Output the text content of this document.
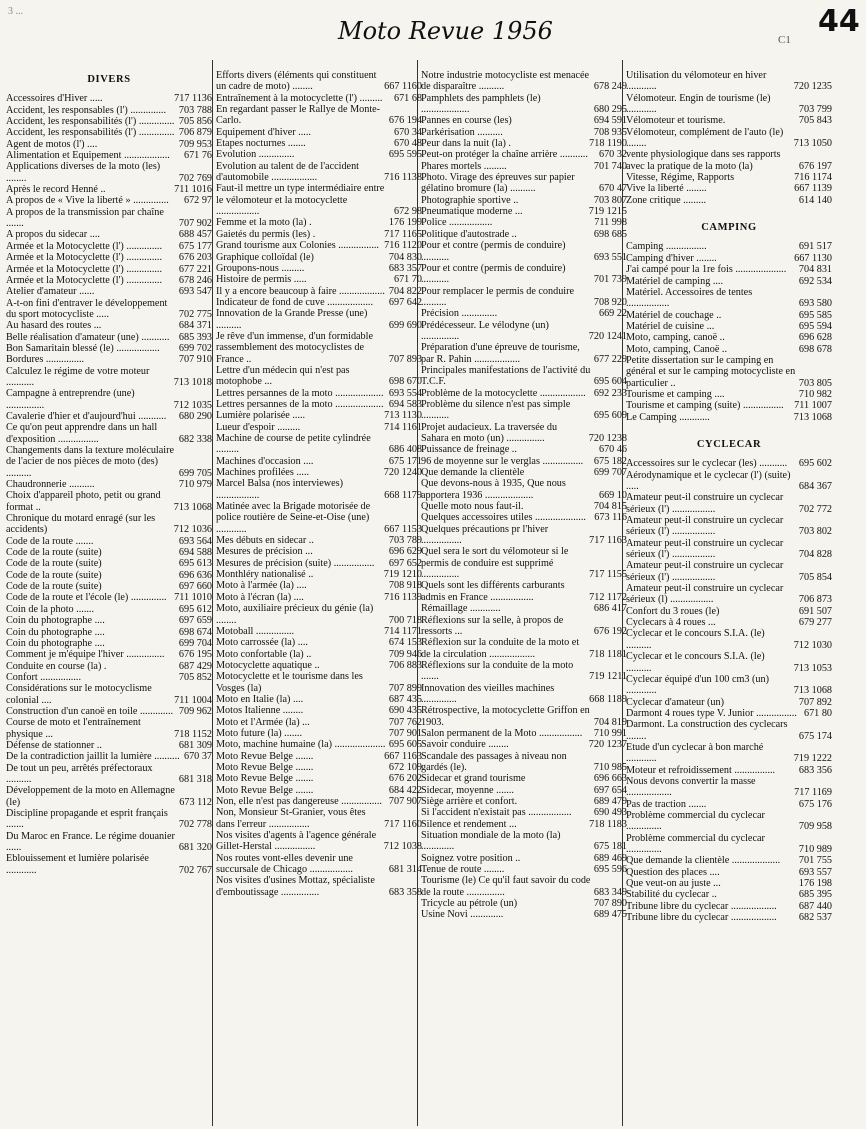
3 ...
Moto Revue 1956	C1
44
DIVERS
Accessoires d'Hiver .....	717 1136
Accident, les responsables (l') ..............	703 788
Accident, les responsabilités (l') .............. 705 856
Accident, les responsabilités (l') .............. 706 879
Agent de motos (l') ....	709 953
Alimentation et Equipement ..................	671 76
Applications diverses de la moto (les) ........	702 769
Après le record Henné ..	711 1016
A propos de « Vive la liberté » ..............	672 97
A propos de la transmission par chaîne .......	707 902
A propos du sidecar ....	688 457
Armée et la Motocyclette (l') ..............	675 177
Armée et la Motocyclette (l') ..............	676 203
Armée et la Motocyclette (l') ..............	677 221
Armée et la Motocyclette (l') ..............	678 246
Atelier d'amateur ......	693 547
A-t-on fini d'entraver le développement du sport motocycliste .....	702 775
Au hasard des routes ...	684 371
Belle réalisation d'amateur (une) ........... 685 393
Bon Samaritain blessé (le) .................	699 702
Bordures ...............	707 910
Calculez le régime de votre moteur ...........	713 1018
Campagne à entreprendre (une) ...............	712 1035
Cavalerie d'hier et d'aujourd'hui ...........	680 290
Ce qu'on peut apprendre dans un hall d'exposition ................	682 338
Changements dans la texture moléculaire de l'acier de nos pièces de moto (des) ..........	699 705
Chaudronnerie ..........	710 979
Choix d'appareil photo, petit ou grand format ..	713 1068
Chronique du motard enragé (sur les accidents)	712 1036
Code de la route .......	693 564
Code de la route (suite)	694 588
Code de la route (suite)	695 613
Code de la route (suite)	696 636
Code de la route (suite)	697 660
Code de la route et l'école (le) .............. 711 1010
Coin de la photo .......	695 612
Coin du photographe ....	697 659
Coin du photographe ....	698 674
Coin du photographe ....	699 704
Comment je m'équipe l'hiver ...............	676 195
Conduite en course (la) .	687 429
Confort ................	705 852
Considérations sur le motocyclisme colonial ....	711 1004
Construction d'un canoë en toile ............. 709 962
Course de moto et l'entraînement physique ...	718 1152
Défense de stationner ..	681 309
De la contradiction jaillit la lumière .......... 670 37
De tout un peu, arrêtés préfectoraux ..........	681 318
Développement de la moto en Allemagne (le)	673 112
Discipline propagande et esprit français .......	702 778
Du Maroc en France. Le régime douanier ......	681 320
Eblouissement et lumière polarisée ............	702 767
Efforts divers (éléments qui constituent un cadre de moto) ........	667 1160
Entraînement à la motocyclette (l') .........	671 68
En regardant passer le Rallye de Monte-Carlo.	676 194
Equipement d'hiver .....	670 34
Etapes nocturnes .......	670 48
Evolution ..............	695 595
Evolution au talent de de l'accident d'automobile ..................	716 1138
Faut-il mettre un type intermédiaire entre le vélomoteur et la motocyclette .................	672 98
Femme et la moto (la) .	176 199
Gaietés du permis (les) .	717 1165
Grand tourisme aux Colonies ................ 716 1120
Graphique colloïdal (le)	704 830
Groupons-nous .........	683 357
Histoire de permis .....	671 70
Il y a encore beaucoup à faire .................. 704 822
Indicateur de fond de cuve ..................	697 642
Innovation de la Grande Presse (une) ..........	699 690
Je rêve d'un immense, d'un formidable rassemblement des motocyclistes de France ..	707 893
Lettre d'un médecin qui n'est pas motophobe ...	698 670
Lettres persannes de la moto ................... 693 554
Lettres persannes de la moto ................... 694 583
Lumière polarisée .....	713 1130
Lueur d'espoir .........	714 1161
Machine de course de petite cylindrée .........	686 408
Machines d'occasion ....	675 171
Machines profilées .....	720 1240
Marcel Balsa (nos interviewes) .................	668 1179
Matinée avec la Brigade motorisée de police routière de Seine-et-Oise (une) ............	667 1153
Mes débuts en sidecar ..	703 789
Mesures de précision ...	696 629
Mesures de précision (suite) ................	697 652
Monthléry nationalisé ..	719 1210
Moto à l'armée (la) ....	708 918
Moto à l'écran (la) ....	716 1139
Moto, auxiliaire précieux du génie (la) ........	700 718
Motoball ...............	714 1171
Moto carrossée (la) ....	674 153
Moto confortable (la) ..	709 946
Motocyclette aquatique ..	706 883
Motocyclette et le tourisme dans les Vosges (la)	707 899
Moto en Italie (la) ....	687 435
Motos Italienne ........	690 435
Moto et l'Armée (la) ...	707 762
Moto future (la) .......	707 901
Moto, machine humaine (la) .................... 695 605
Moto Revue Belge .......	667 1163
Moto Revue Belge .......	672 109
Moto Revue Belge .......	676 202
Moto Revue Belge .......	684 422
Non, elle n'est pas dangereuse ................ 707 907
Non, Monsieur St-Granier, vous êtes dans l'erreur ................	717 1160
Nos visites d'agents à l'agence générale Gillet-Herstal ................	712 1038
Nos routes vont-elles devenir une succursale de Chicago .................	681 314
Nos visites d'usines Mottaz, spécialiste d'emboutissage ...............	683 358
Notre industrie motocycliste est menacée de disparaître ..........	678 249
Pamphlets des pamphlets (le) ...................	680 295
Pannes en course (les)	694 591
Parkérisation ..........	708 935
Peur dans la nuit (la) .	718 1190
Peut-on protéger la chaîne arrière ...........	670 32
Phares mortels .........	701 740
Photo. Virage des épreuves sur papier gélatino bromure (la) ..........	670 47
Photographie sportive ..	703 807
Pneumatique moderne ...	719 1215
Police .................	711 998
Politique d'autostrade ..	698 685
Pour et contre (permis de conduire) ...........	693 551
Pour et contre (permis de conduire) ...........	701 739
Pour remplacer le permis de conduire ..........	708 920
Précision ..............	669 22
Prédécesseur. Le vélodyne (un) ...............	720 1241
Préparation d'une épreuve de tourisme, par R. Pahin ..................	677 229
Principales manifestations de l'activité du T.C.F.	695 604
Problème de la motocyclette .................. 692 233
Problème du silence n'est pas simple ...........	695 609
Projet audacieux. La traversée du Sahara en moto (un) ...............	720 1238
Puissance de freinage ..	670 46
96 de moyenne sur le verglas ................	675 182
Que demande la clientèle	699 707
Que devons-nous à 1935, Que nous apportera 1936 ...................	669 10
Quelle moto nous faut-il.	704 815
Quelques accessoires utiles .................... 673 116
Quelques précautions pr l'hiver ................	717 1163
Quel sera le sort du vélomoteur si le permis de conduire est supprimé ...............	717 1155
Quels sont les différents carburants admis en France .................	712 1172
Rémaillage ............	686 417
Réflexions sur la selle, à propos de ressorts ...	676 192
Réflexion sur la conduite de la moto et de la circulation ..................	718 1181
Réflexions sur la conduite de la moto .......	719 1211
Innovation des vieilles machines ..............	668 1189
Rétrospective, la motocyclette Griffon en 1903.	704 819
Salon permanent de la Moto .................	710 991
Savoir conduire ........	720 1237
Scandale des passages à niveau non gardés (le).	710 985
Sidecar et grand tourisme	696 663
Sidecar, moyenne .......	697 654
Siège arrière et confort.	689 479
Si l'accident n'existait pas .................	690 493
Silence et rendement ...	718 1183
Situation mondiale de la moto (la) .............	675 181
Soignez votre position ..	689 469
Tenue de route ........	695 596
Tourisme (le) Ce qu'il faut savoir du code de la route ...............	683 349
Tricycle au pétrole (un)	707 890
Usine Novi .............	689 475
Utilisation du vélomoteur en hiver ............	720 1235
Vélomoteur. Engin de tourisme (le) ............	703 799
Vélomoteur et tourisme.	705 843
Vélomoteur, complément de l'auto (le) ........	713 1050
vente physiologique dans ses rapports avec la pratique de la moto (la)	676 197
Vitesse, Régime, Rapports	716 1174
Vive la liberté ........	667 1139
Zone critique .........	614 140
CAMPING
Camping ................	691 517
Camping d'hiver ........	667 1130
J'ai campé pour la 1re fois ....................	704 831
Matériel de camping ....	692 534
Matériel. Accessoires de tentes .................	693 580
Matériel de couchage ..	695 585
Matériel de cuisine ...	695 594
Moto, camping, canoë ..	696 628
Moto, camping, Canoë ..	698 678
Petite dissertation sur le camping en général et sur le camping motocycliste en particulier ..	703 805
Tourisme et camping ....	710 982
Tourisme et camping (suite) ................	711 1007
Le Camping ............	713 1068
CYCLECAR
Accessoires sur le cyclecar (les) ...........	695 602
Aérodynamique et le cyclecar (l') (suite) .....	684 367
Amateur peut-il construire un cyclecar sérieux (l') .................	702 772
Amateur peut-il construire un cyclecar sérieux (l') .................	703 802
Amateur peut-il construire un cyclecar sérieux (l') .................	704 828
Amateur peut-il construire un cyclecar sérieux (l') .................	705 854
Amateur peut-il construire un cyclecar sérieux (l) .................	706 873
Confort du 3 roues (le)	691 507
Cyclecars à 4 roues ...	679 277
Cyclecar et le concours S.I.A. (le) ..........	712 1030
Cyclecar et le concours S.I.A. (le) ..........	713 1053
Cyclecar équipé d'un 100 cm3 (un) ............	713 1068
Cyclecar d'amateur (un)	707 892
Darmont 4 roues type V. Junior ................ 671 80
Darmont. La construction des cyclecars ........	675 174
Etude d'un cyclecar à bon marché ............	719 1222
Moteur et refroidissement ................	683 356
Nous devons convertir la masse ..................	717 1169
Pas de traction .......	675 176
Problème commercial du cyclecar ..............	709 958
Problème commercial du cyclecar ..............	710 989
Que demande la clientèle ...................	701 755
Question des places ....	693 557
Que veut-on au juste ...	176 198
Stabilité du cyclecar ..	685 395
Tribune libre du cyclecar ..................	687 440
Tribune libre du cyclecar ..................	682 537
